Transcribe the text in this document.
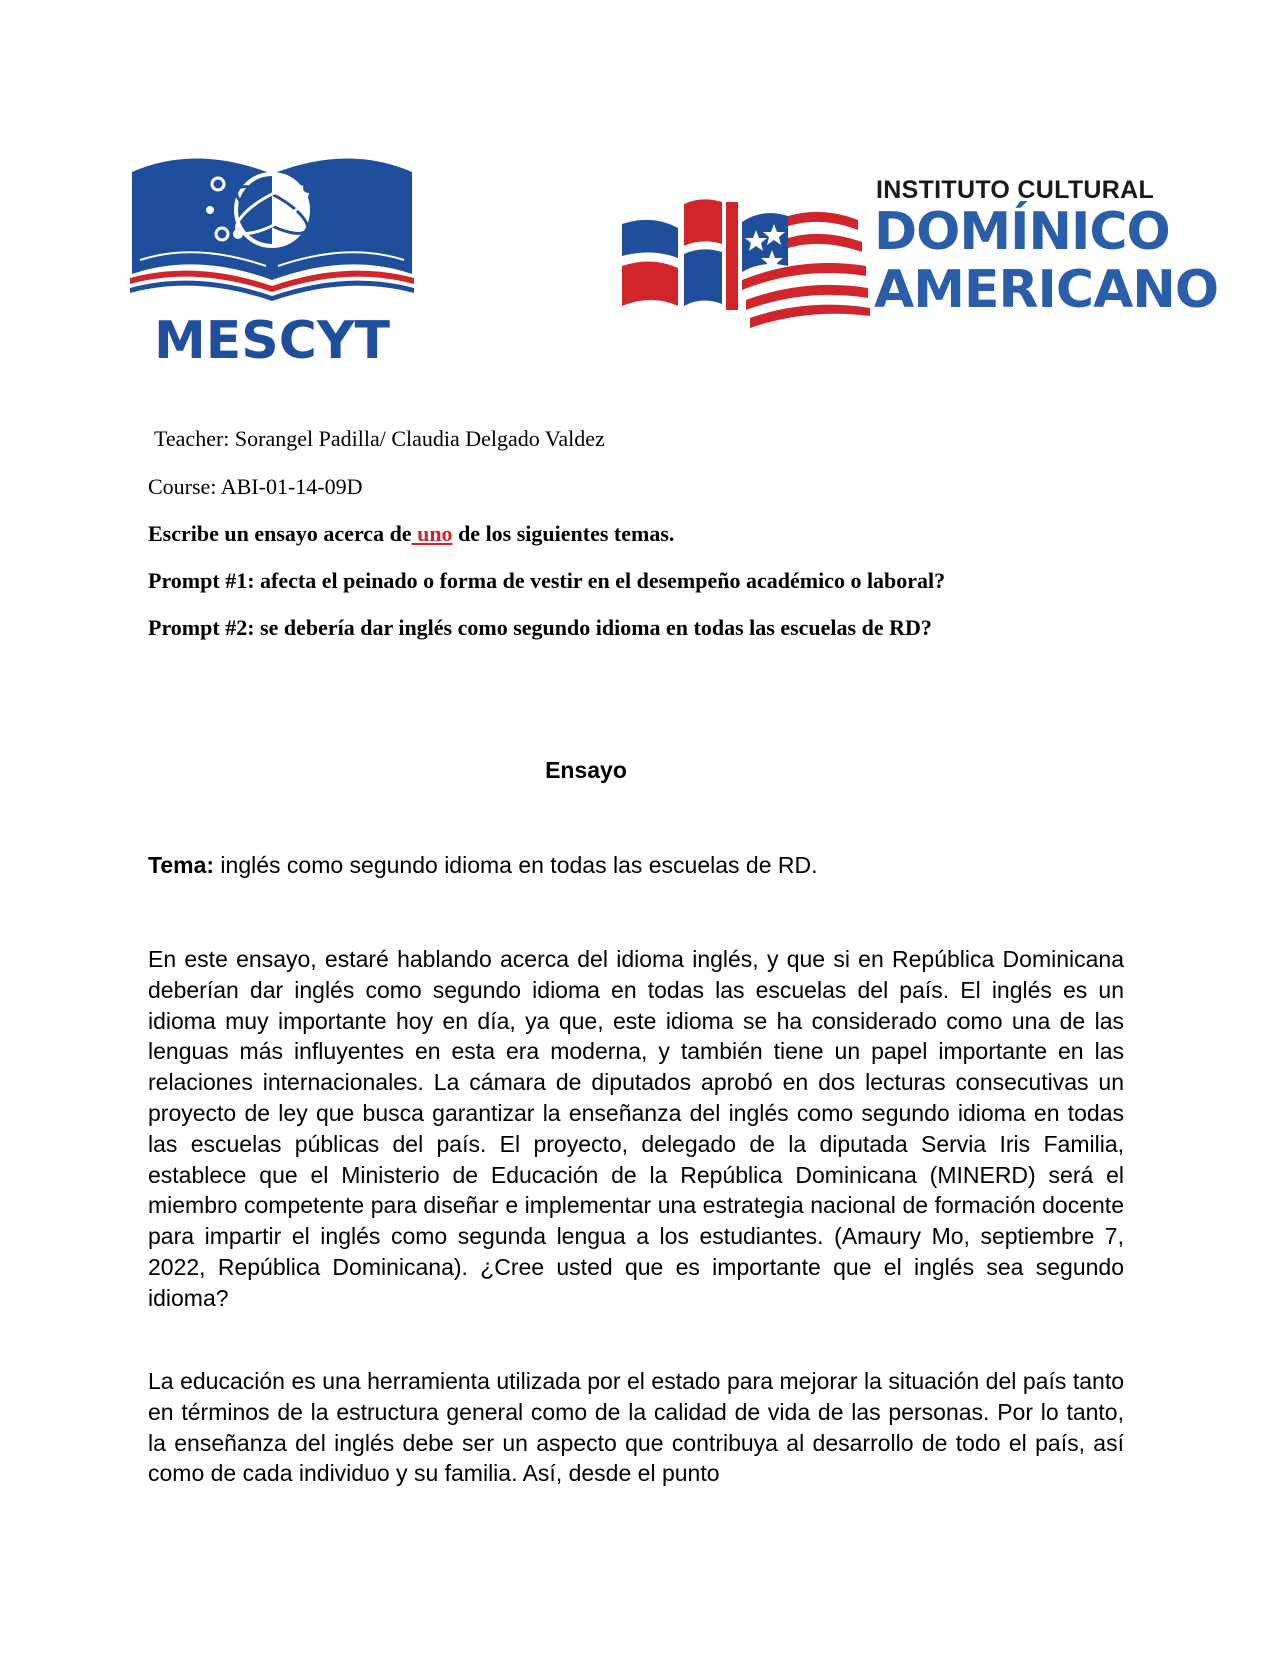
MESCYT
INSTITUTO CULTURAL
DOMÍNICO
AMERICANO
Teacher: Sorangel Padilla/ Claudia Delgado Valdez
Course: ABI-01-14-09D
Escribe un ensayo acerca de uno de los siguientes temas.
Prompt #1: afecta el peinado o forma de vestir en el desempeño académico o laboral?
Prompt #2: se debería dar inglés como segundo idioma en todas las escuelas de RD?
Ensayo
Tema: inglés como segundo idioma en todas las escuelas de RD.

En este ensayo, estaré hablando acerca del idioma inglés, y que si en República Dominicana deberían dar inglés como segundo idioma en todas las escuelas del país. El inglés es un idioma muy importante hoy en día, ya que, este idioma se ha considerado como una de las lenguas más influyentes en esta era moderna, y también tiene un papel importante en las relaciones internacionales. La cámara de diputados aprobó en dos lecturas consecutivas un proyecto de ley que busca garantizar la enseñanza del inglés como segundo idioma en todas las escuelas públicas del país. El proyecto, delegado de la diputada Servia Iris Familia, establece que el Ministerio de Educación de la República Dominicana (MINERD) será el miembro competente para diseñar e implementar una estrategia nacional de formación docente para impartir el inglés como segunda lengua a los estudiantes. (Amaury Mo, septiembre 7, 2022, República Dominicana). ¿Cree usted que es importante que el inglés sea segundo idioma?

La educación es una herramienta utilizada por el estado para mejorar la situación del país tanto en términos de la estructura general como de la calidad de vida de las personas. Por lo tanto, la enseñanza del inglés debe ser un aspecto que contribuya al desarrollo de todo el país, así como de cada individuo y su familia. Así, desde el punto
